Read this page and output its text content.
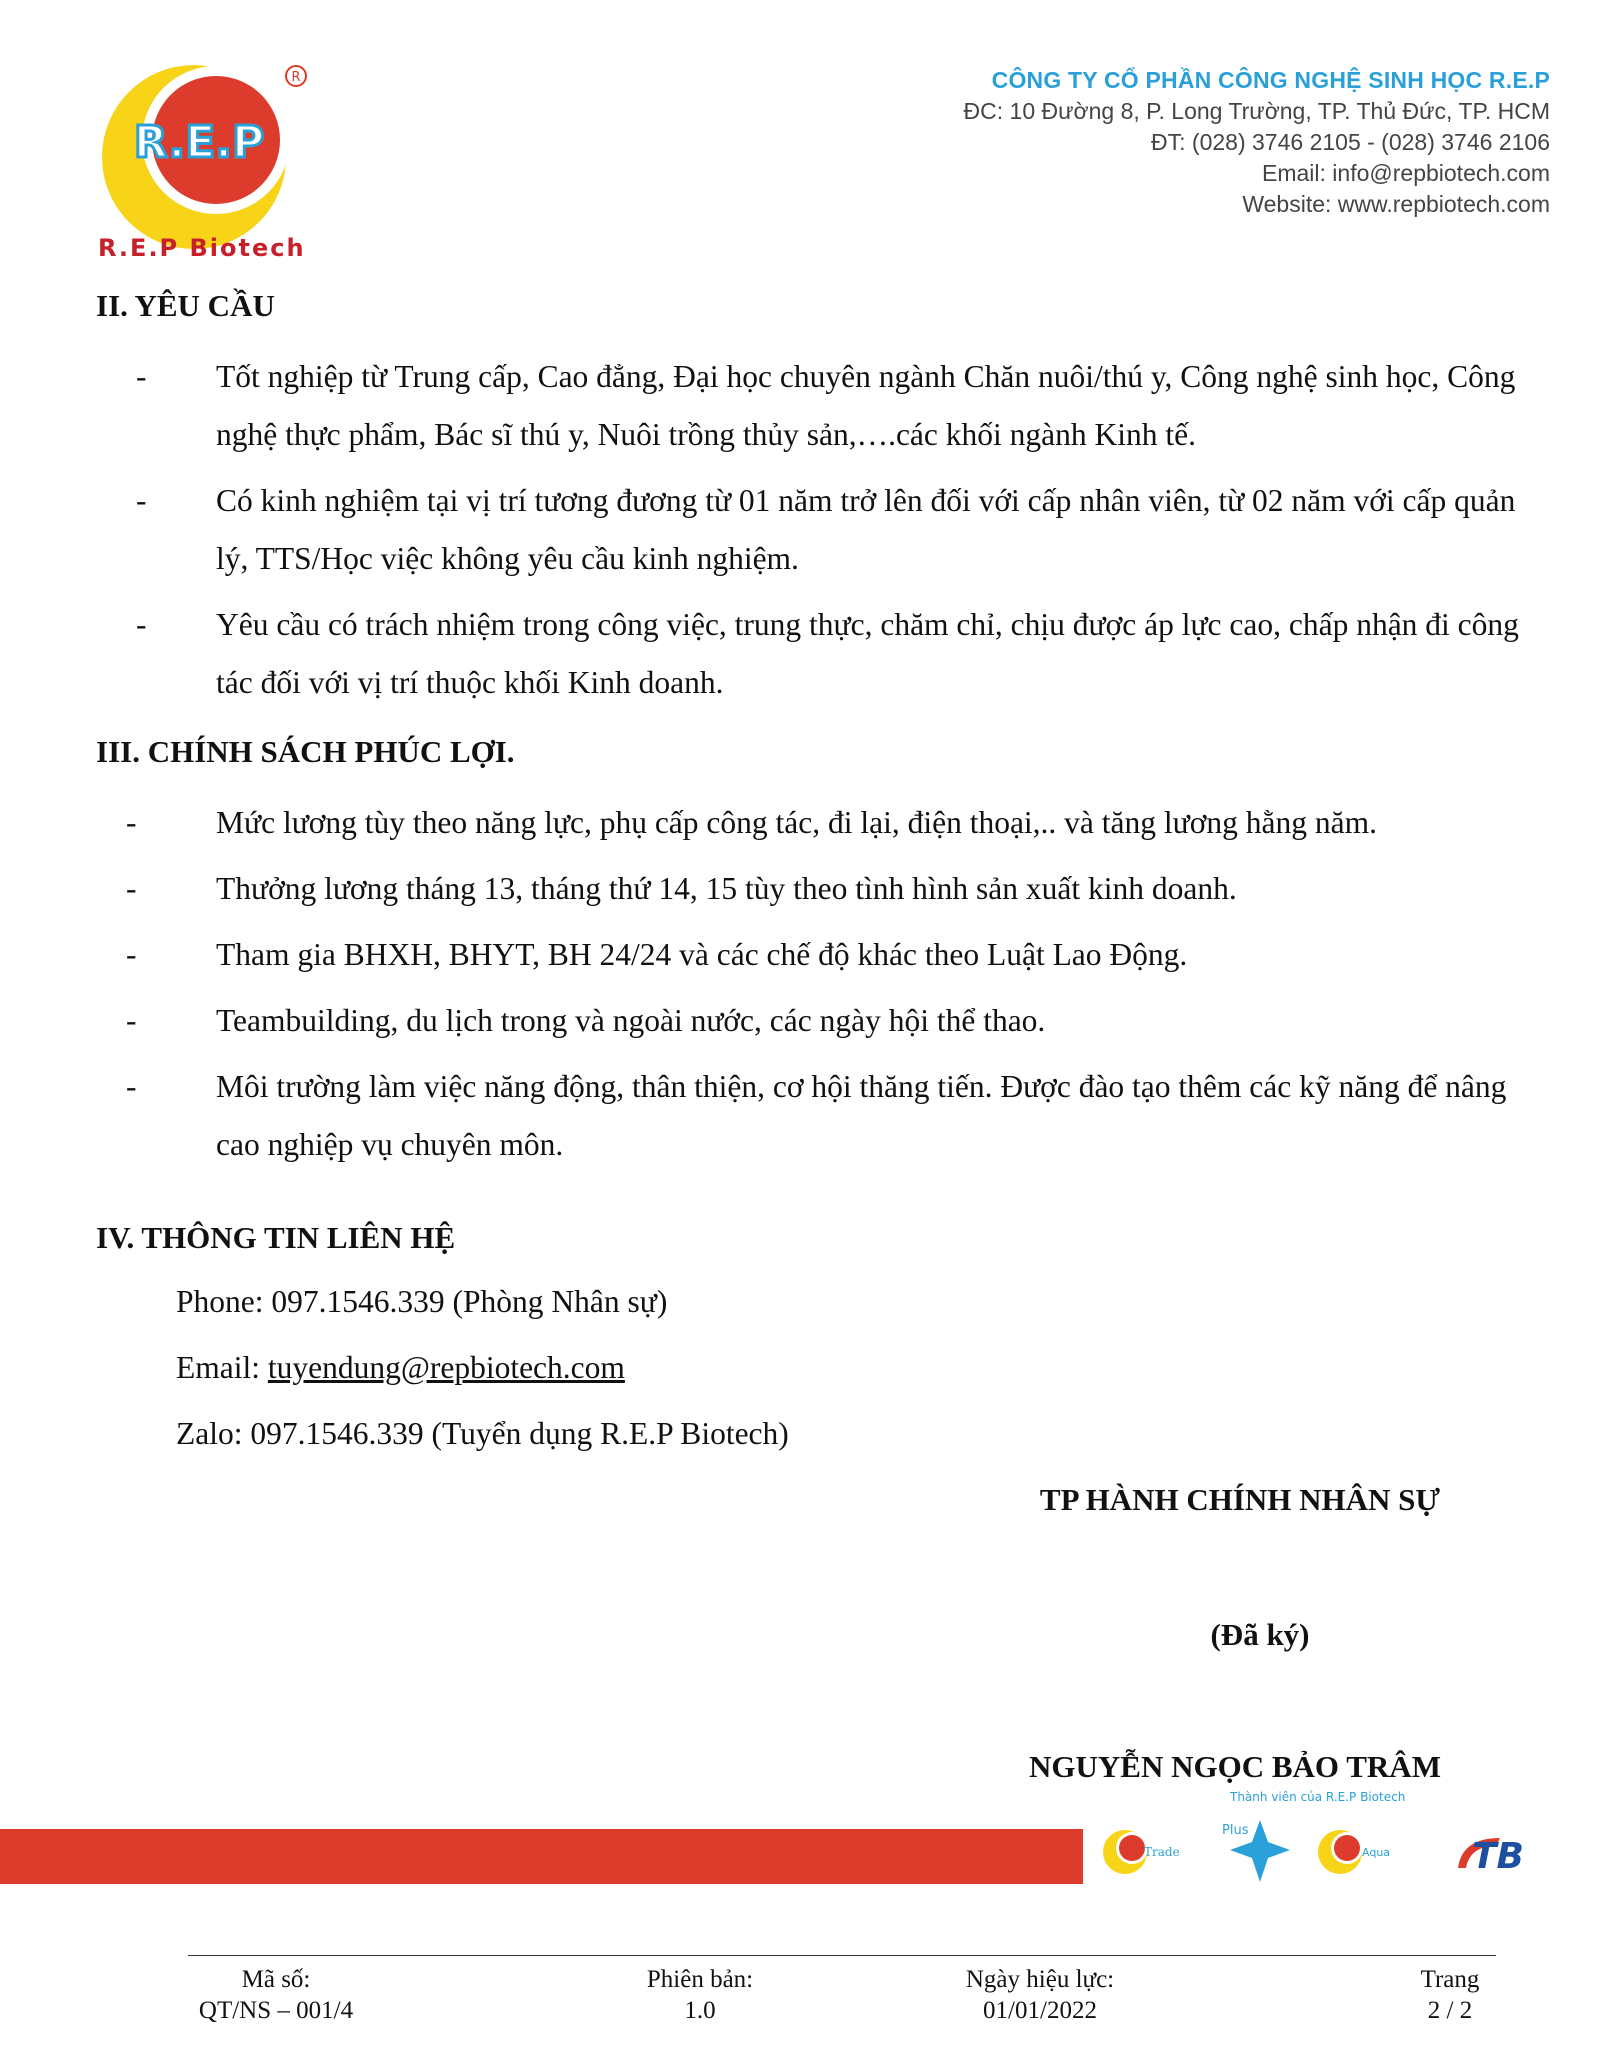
R.E.P
R
R.E.P Biotech
CÔNG TY CỔ PHẦN CÔNG NGHỆ SINH HỌC R.E.P
ĐC: 10 Đường 8, P. Long Trường, TP. Thủ Đức, TP. HCM
ĐT: (028) 3746 2105 - (028) 3746 2106
Email: info@repbiotech.com
Website: www.repbiotech.com
II. YÊU CẦU
- Tốt nghiệp từ Trung cấp, Cao đẳng, Đại học chuyên ngành Chăn nuôi/thú y, Công nghệ sinh học, Công nghệ thực phẩm, Bác sĩ thú y, Nuôi trồng thủy sản,….các khối ngành Kinh tế.
- Có kinh nghiệm tại vị trí tương đương từ 01 năm trở lên đối với cấp nhân viên, từ 02 năm với cấp quản lý, TTS/Học việc không yêu cầu kinh nghiệm.
- Yêu cầu có trách nhiệm trong công việc, trung thực, chăm chỉ, chịu được áp lực cao, chấp nhận đi công tác đối với vị trí thuộc khối Kinh doanh.
III. CHÍNH SÁCH PHÚC LỢI.
-	Mức lương tùy theo năng lực, phụ cấp công tác, đi lại, điện thoại,.. và tăng lương hằng năm.
-	Thưởng lương tháng 13, tháng thứ 14, 15 tùy theo tình hình sản xuất kinh doanh.
-	Tham gia BHXH, BHYT, BH 24/24 và các chế độ khác theo Luật Lao Động.
-	Teambuilding, du lịch trong và ngoài nước, các ngày hội thể thao.
-	Môi trường làm việc năng động, thân thiện, cơ hội thăng tiến. Được đào tạo thêm các kỹ năng để nâng cao nghiệp vụ chuyên môn.
IV. THÔNG TIN LIÊN HỆ
Phone: 097.1546.339 (Phòng Nhân sự)
Email: tuyendung@repbiotech.com
Zalo: 097.1546.339 (Tuyển dụng R.E.P Biotech)
TP HÀNH CHÍNH NHÂN SỰ
(Đã ký)
NGUYỄN NGỌC BẢO TRÂM
Thành viên của R.E.P Biotech
Trade
Plus
Aqua TB
Mã số:
QT/NS – 001/4
Phiên bản:
1.0
Ngày hiệu lực:
01/01/2022
Trang
2 / 2
